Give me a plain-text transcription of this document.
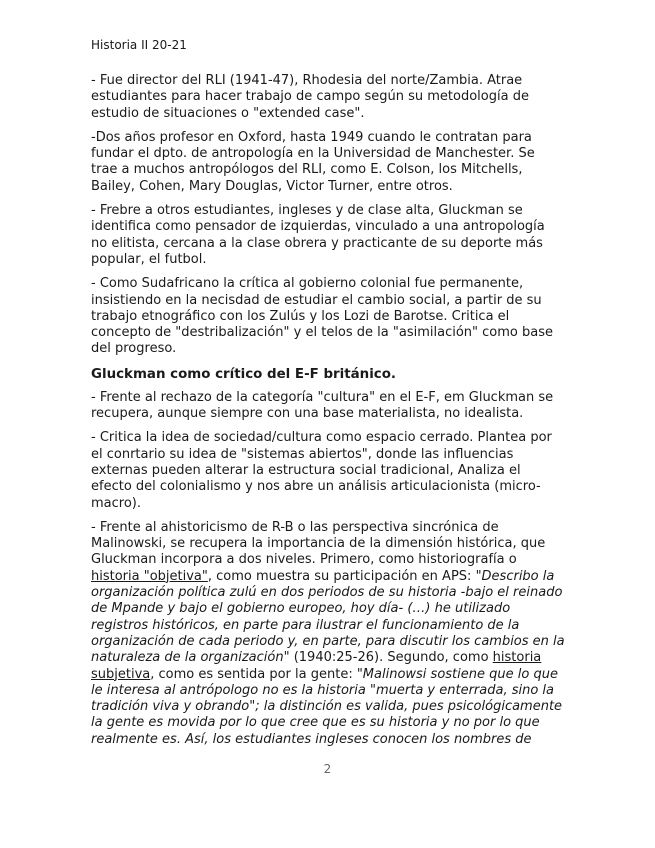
Historia II 20-21

- Fue director del RLI (1941-47), Rhodesia del norte/Zambia. Atrae estudiantes para hacer trabajo de campo según su metodología de estudio de situaciones o "extended case".

-Dos años profesor en Oxford, hasta 1949 cuando le contratan para fundar el dpto. de antropología en la Universidad de Manchester. Se trae a muchos antropólogos del RLI, como E. Colson, los Mitchells, Bailey, Cohen, Mary Douglas, Victor Turner, entre otros.

- Frebre a otros estudiantes, ingleses y de clase alta, Gluckman se identifica como pensador de izquierdas, vinculado a una antropología no elitista, cercana a la clase obrera y practicante de su deporte más popular, el futbol.

- Como Sudafricano la crítica al gobierno colonial fue permanente, insistiendo en la necisdad de estudiar el cambio social, a partir de su trabajo etnográfico con los Zulús y los Lozi de Barotse. Critica el concepto de "destribalización" y el telos de la "asimilación" como base del progreso.

Gluckman como crítico del E-F británico.

- Frente al rechazo de la categoría "cultura" en el E-F, em Gluckman se recupera, aunque siempre con una base materialista, no idealista.

- Critica la idea de sociedad/cultura como espacio cerrado. Plantea por el conrtario su idea de "sistemas abiertos", donde las influencias externas pueden alterar la estructura social tradicional, Analiza el efecto del colonialismo y nos abre un análisis articulacionista (micro-macro).

- Frente al ahistoricismo de R-B o las perspectiva sincrónica de Malinowski, se recupera la importancia de la dimensión histórica, que Gluckman incorpora a dos niveles. Primero, como historiografía o historia "objetiva", como muestra su participación en APS: "Describo la organización política zulú en dos periodos de su historia -bajo el reinado de Mpande y bajo el gobierno europeo, hoy día- (…) he utilizado registros históricos, en parte para ilustrar el funcionamiento de la organización de cada periodo y, en parte, para discutir los cambios en la naturaleza de la organización" (1940:25-26). Segundo, como historia subjetiva, como es sentida por la gente: "Malinowsi sostiene que lo que le interesa al antrópologo no es la historia "muerta y enterrada, sino la tradición viva y obrando"; la distinción es valida, pues psicológicamente la gente es movida por lo que cree que es su historia y no por lo que realmente es. Así, los estudiantes ingleses conocen los nombres de

2
